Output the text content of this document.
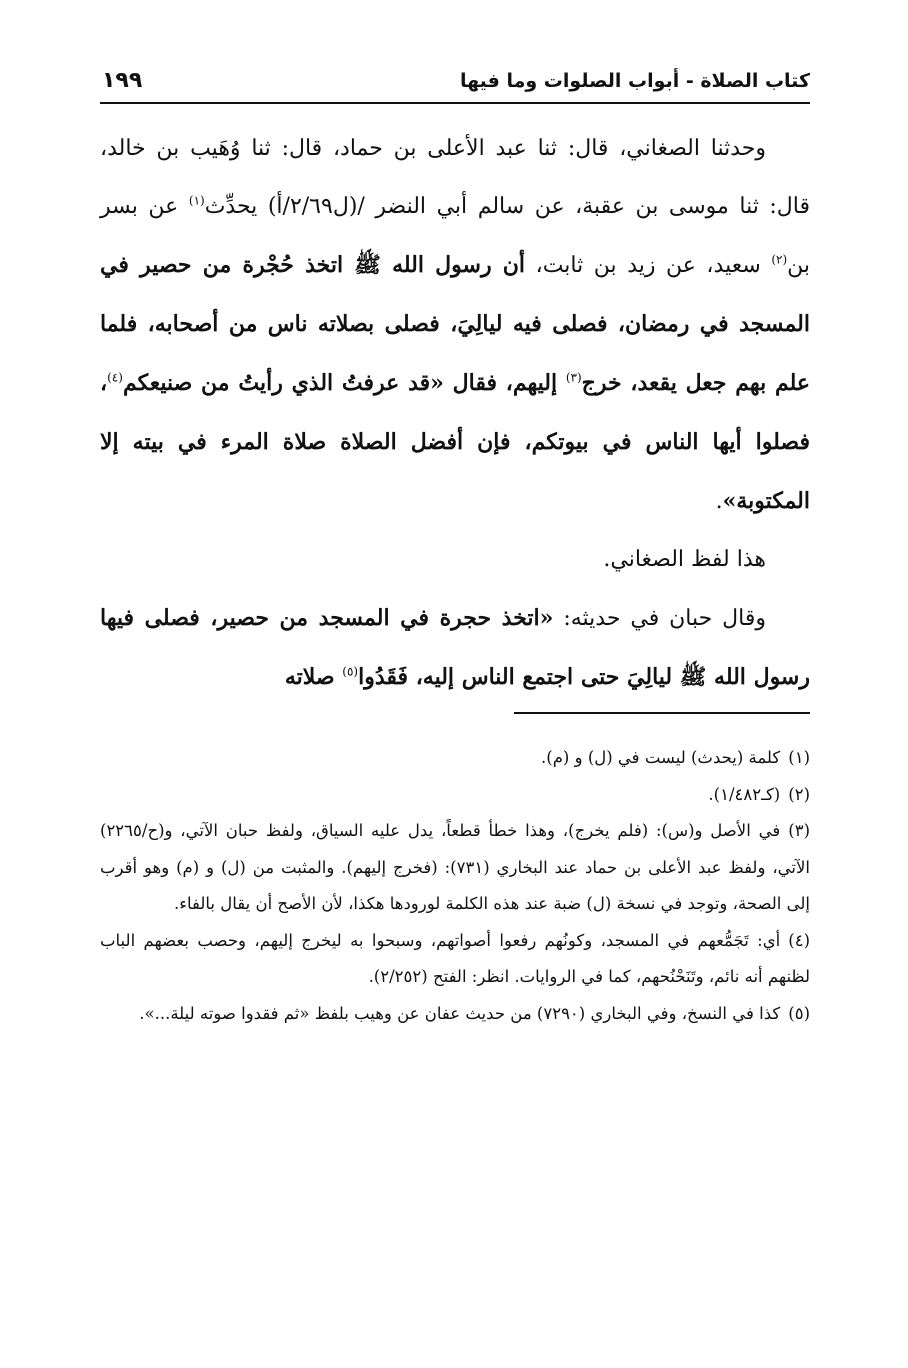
كتاب الصلاة - أبواب الصلوات وما فيها
١٩٩

وحدثنا الصغاني، قال: ثنا عبد الأعلى بن حماد، قال: ثنا وُهَيب بن خالد، قال: ثنا موسى بن عقبة، عن سالم أبي النضر /(ل٢/٦٩/أ) يحدِّث$^{(١)}$ عن بسر بن$^{(٢)}$ سعيد، عن زيد بن ثابت، أن رسول الله ﷺ اتخذ حُجْرة من حصير في المسجد في رمضان، فصلى فيه ليالِيَ، فصلى بصلاته ناس من أصحابه، فلما علم بهم جعل يقعد، خرج$^{(٣)}$ إليهم، فقال «قد عرفتُ الذي رأيتُ من صنيعكم$^{(٤)}$، فصلوا أيها الناس في بيوتكم، فإن أفضل الصلاة صلاة المرء في بيته إلا المكتوبة».

هذا لفظ الصغاني.

وقال حبان في حديثه: «اتخذ حجرة في المسجد من حصير، فصلى فيها رسول الله ﷺ ليالِيَ حتى اجتمع الناس إليه، فَقَدُوا$^{(٥)}$ صلاته

(١)كلمة (يحدث) ليست في (ل) و (م).

(٢)(كـ١/٤٨٢).

(٣)في الأصل و(س): (فلم يخرج)، وهذا خطأ قطعاً، يدل عليه السياق، ولفظ حبان الآتي، و(ح/٢٢٦٥) الآتي، ولفظ عبد الأعلى بن حماد عند البخاري (٧٣١): (فخرج إليهم). والمثبت من (ل) و (م) وهو أقرب إلى الصحة، وتوجد في نسخة (ل) ضبة عند هذه الكلمة لورودها هكذا، لأن الأصح أن يقال بالفاء.

(٤)أي: تَجَمُّعهم في المسجد، وكونُهم رفعوا أصواتهم، وسبحوا به ليخرج إليهم، وحصب بعضهم الباب لظنهم أنه نائم، وتَنَحْنُحهم، كما في الروايات. انظر: الفتح (٢/٢٥٢).

(٥)كذا في النسخ، وفي البخاري (٧٢٩٠) من حديث عفان عن وهيب بلفظ «ثم فقدوا صوته ليلة...».
